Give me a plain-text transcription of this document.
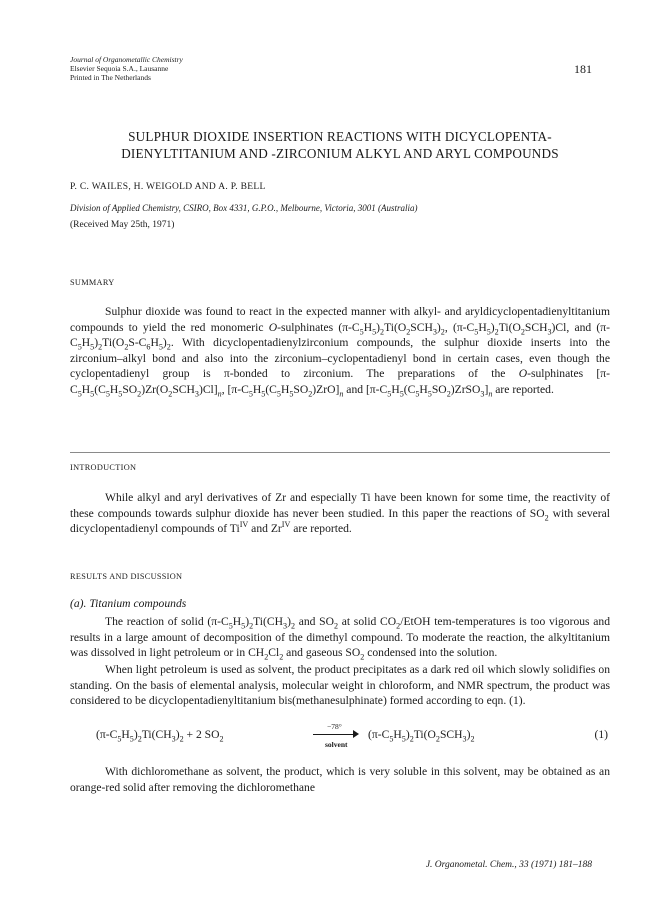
Journal of Organometallic Chemistry
Elsevier Sequoia S.A., Lausanne
Printed in The Netherlands
181
SULPHUR DIOXIDE INSERTION REACTIONS WITH DICYCLOPENTA-
DIENYLTITANIUM AND -ZIRCONIUM ALKYL AND ARYL COMPOUNDS
P. C. WAILES, H. WEIGOLD AND A. P. BELL
Division of Applied Chemistry, CSIRO, Box 4331, G.P.O., Melbourne, Victoria, 3001 (Australia)
(Received May 25th, 1971)
SUMMARY
Sulphur dioxide was found to react in the expected manner with alkyl- and aryldicyclopentadienyltitanium compounds to yield the red monomeric O-sulphinates $(\pi-C_5H_5)_2Ti(O_2SCH_3)_2$, $(\pi-C_5H_5)_2Ti(O_2SCH_3)Cl$, and $(\pi-C_5H_5)_2Ti(O_2S-C_6H_5)_2$. With dicyclopentadienylzirconium compounds, the sulphur dioxide inserts into the zirconium–alkyl bond and also into the zirconium–cyclopentadienyl bond in certain cases, even though the cyclopentadienyl group is π-bonded to zirconium. The preparations of the O-sulphinates $[\pi-C_5H_5(C_5H_5SO_2)Zr(O_2SCH_3)Cl]_n$, $[\pi-C_5H_5(C_5H_5SO_2)ZrO]_n$ and $[\pi-C_5H_5(C_5H_5SO_2)ZrSO_3]_n$ are reported.
INTRODUCTION
While alkyl and aryl derivatives of Zr and especially Ti have been known for some time, the reactivity of these compounds towards sulphur dioxide has never been studied. In this paper the reactions of $SO_2$ with several dicyclopentadienyl compounds of $Ti^{IV}$ and $Zr^{IV}$ are reported.
RESULTS AND DISCUSSION
(a). Titanium compounds
The reaction of solid $(\pi-C_5H_5)_2Ti(CH_3)_2$ and $SO_2$ at solid $CO_2$/EtOH tem-temperatures is too vigorous and results in a large amount of decomposition of the dimethyl compound. To moderate the reaction, the alkyltitanium was dissolved in light petroleum or in $CH_2Cl_2$ and gaseous $SO_2$ condensed into the solution.
When light petroleum is used as solvent, the product precipitates as a dark red oil which slowly solidifies on standing. On the basis of elemental analysis, molecular weight in chloroform, and NMR spectrum, the product was considered to be dicyclopentadienyltitanium bis(methanesulphinate) formed according to eqn. (1).
$(\pi-C_5H_5)_2Ti(CH_3)_2 + 2$ $SO_2$
−78°
solvent
$(\pi-C_5H_5)_2Ti(O_2SCH_3)_2$	(1)
With dichloromethane as solvent, the product, which is very soluble in this solvent, may be obtained as an orange-red solid after removing the dichloromethane
J. Organometal. Chem., 33 (1971) 181–188
